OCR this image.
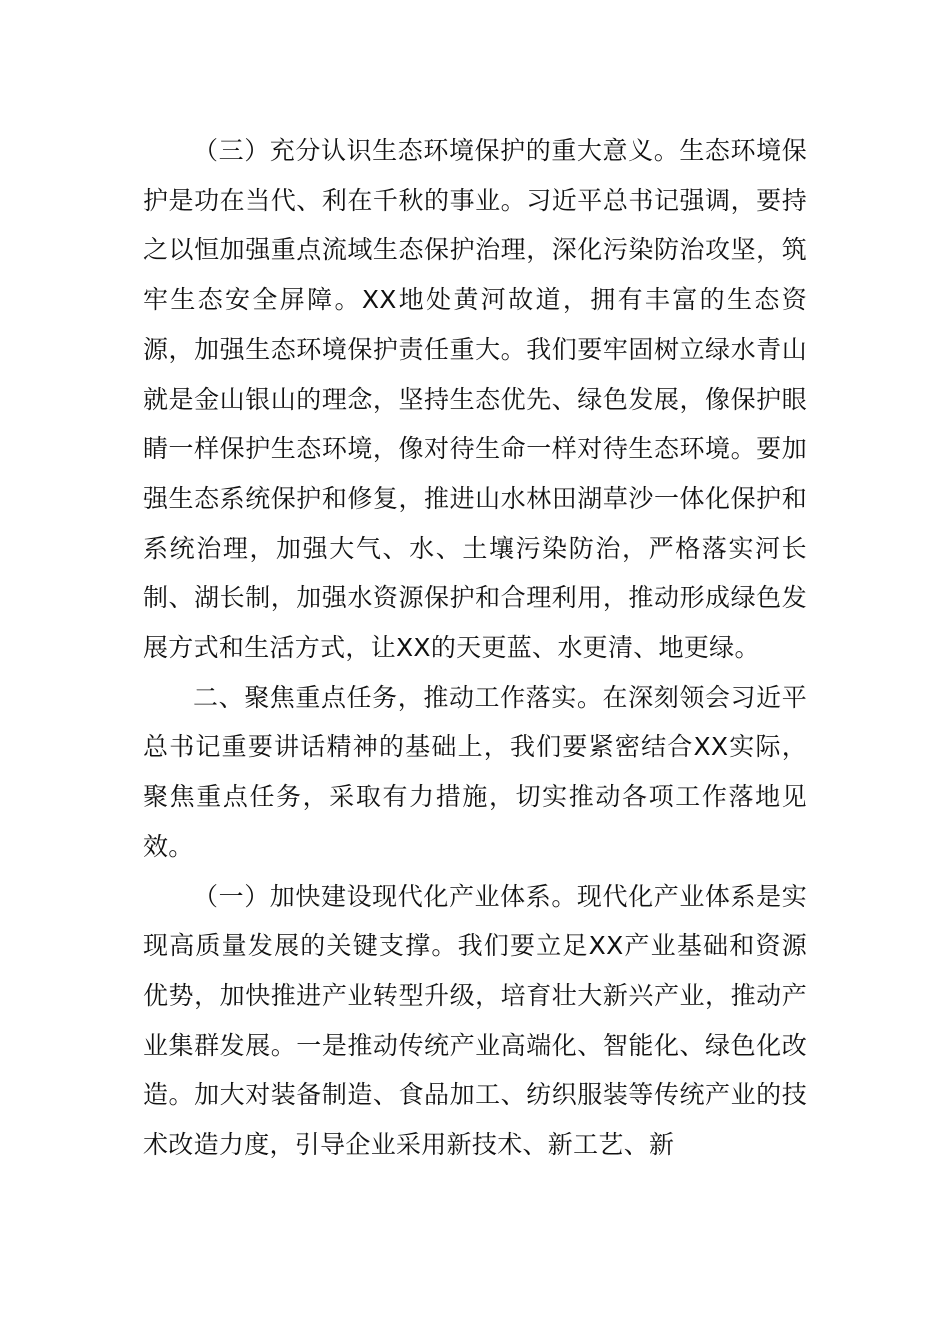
（三）充分认识生态环境保护的重大意义。生态环境保护是功在当代、利在千秋的事业。习近平总书记强调，要持之以恒加强重点流域生态保护治理，深化污染防治攻坚，筑牢生态安全屏障。XX地处黄河故道，拥有丰富的生态资源，加强生态环境保护责任重大。我们要牢固树立绿水青山就是金山银山的理念，坚持生态优先、绿色发展，像保护眼睛一样保护生态环境，像对待生命一样对待生态环境。要加强生态系统保护和修复，推进山水林田湖草沙一体化保护和系统治理，加强大气、水、土壤污染防治，严格落实河长制、湖长制，加强水资源保护和合理利用，推动形成绿色发展方式和生活方式，让XX的天更蓝、水更清、地更绿。

二、聚焦重点任务，推动工作落实。在深刻领会习近平总书记重要讲话精神的基础上，我们要紧密结合XX实际，聚焦重点任务，采取有力措施，切实推动各项工作落地见效。

（一）加快建设现代化产业体系。现代化产业体系是实现高质量发展的关键支撑。我们要立足XX产业基础和资源优势，加快推进产业转型升级，培育壮大新兴产业，推动产业集群发展。一是推动传统产业高端化、智能化、绿色化改造。加大对装备制造、食品加工、纺织服装等传统产业的技术改造力度，引导企业采用新技术、新工艺、新
